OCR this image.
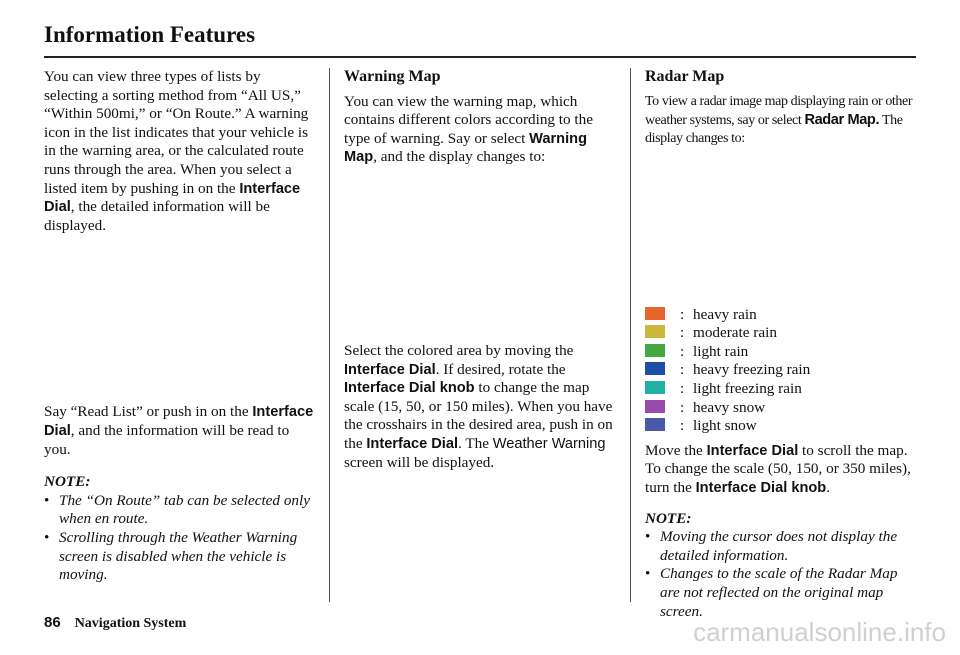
Information Features

You can view three types of lists by selecting a sorting method from “All US,” “Within 500mi,” or “On Route.” A warning icon in the list indicates that your vehicle is in the warning area, or the calculated route runs through the area. When you select a listed item by pushing in on the Interface Dial, the detailed information will be displayed.

Say “Read List” or push in on the Interface Dial, and the information will be read to you.

NOTE:
• The “On Route” tab can be selected only when en route.
• Scrolling through the Weather Warning screen is disabled when the vehicle is moving.
Warning Map

You can view the warning map, which contains different colors according to the type of warning. Say or select Warning Map, and the display changes to:

Select the colored area by moving the Interface Dial. If desired, rotate the Interface Dial knob to change the map scale (15, 50, or 150 miles). When you have the crosshairs in the desired area, push in on the Interface Dial. The Weather Warning screen will be displayed.

Radar Map

To view a radar image map displaying rain or other weather systems, say or select Radar Map. The display changes to:

: heavy rain
: moderate rain
: light rain
: heavy freezing rain
: light freezing rain
: heavy snow
: light snow

Move the Interface Dial to scroll the map. To change the scale (50, 150, or 350 miles), turn the Interface Dial knob.

NOTE:
• Moving the cursor does not display the detailed information.
• Changes to the scale of the Radar Map are not reflected on the original map screen.
86 Navigation System	carmanualsonline.info
